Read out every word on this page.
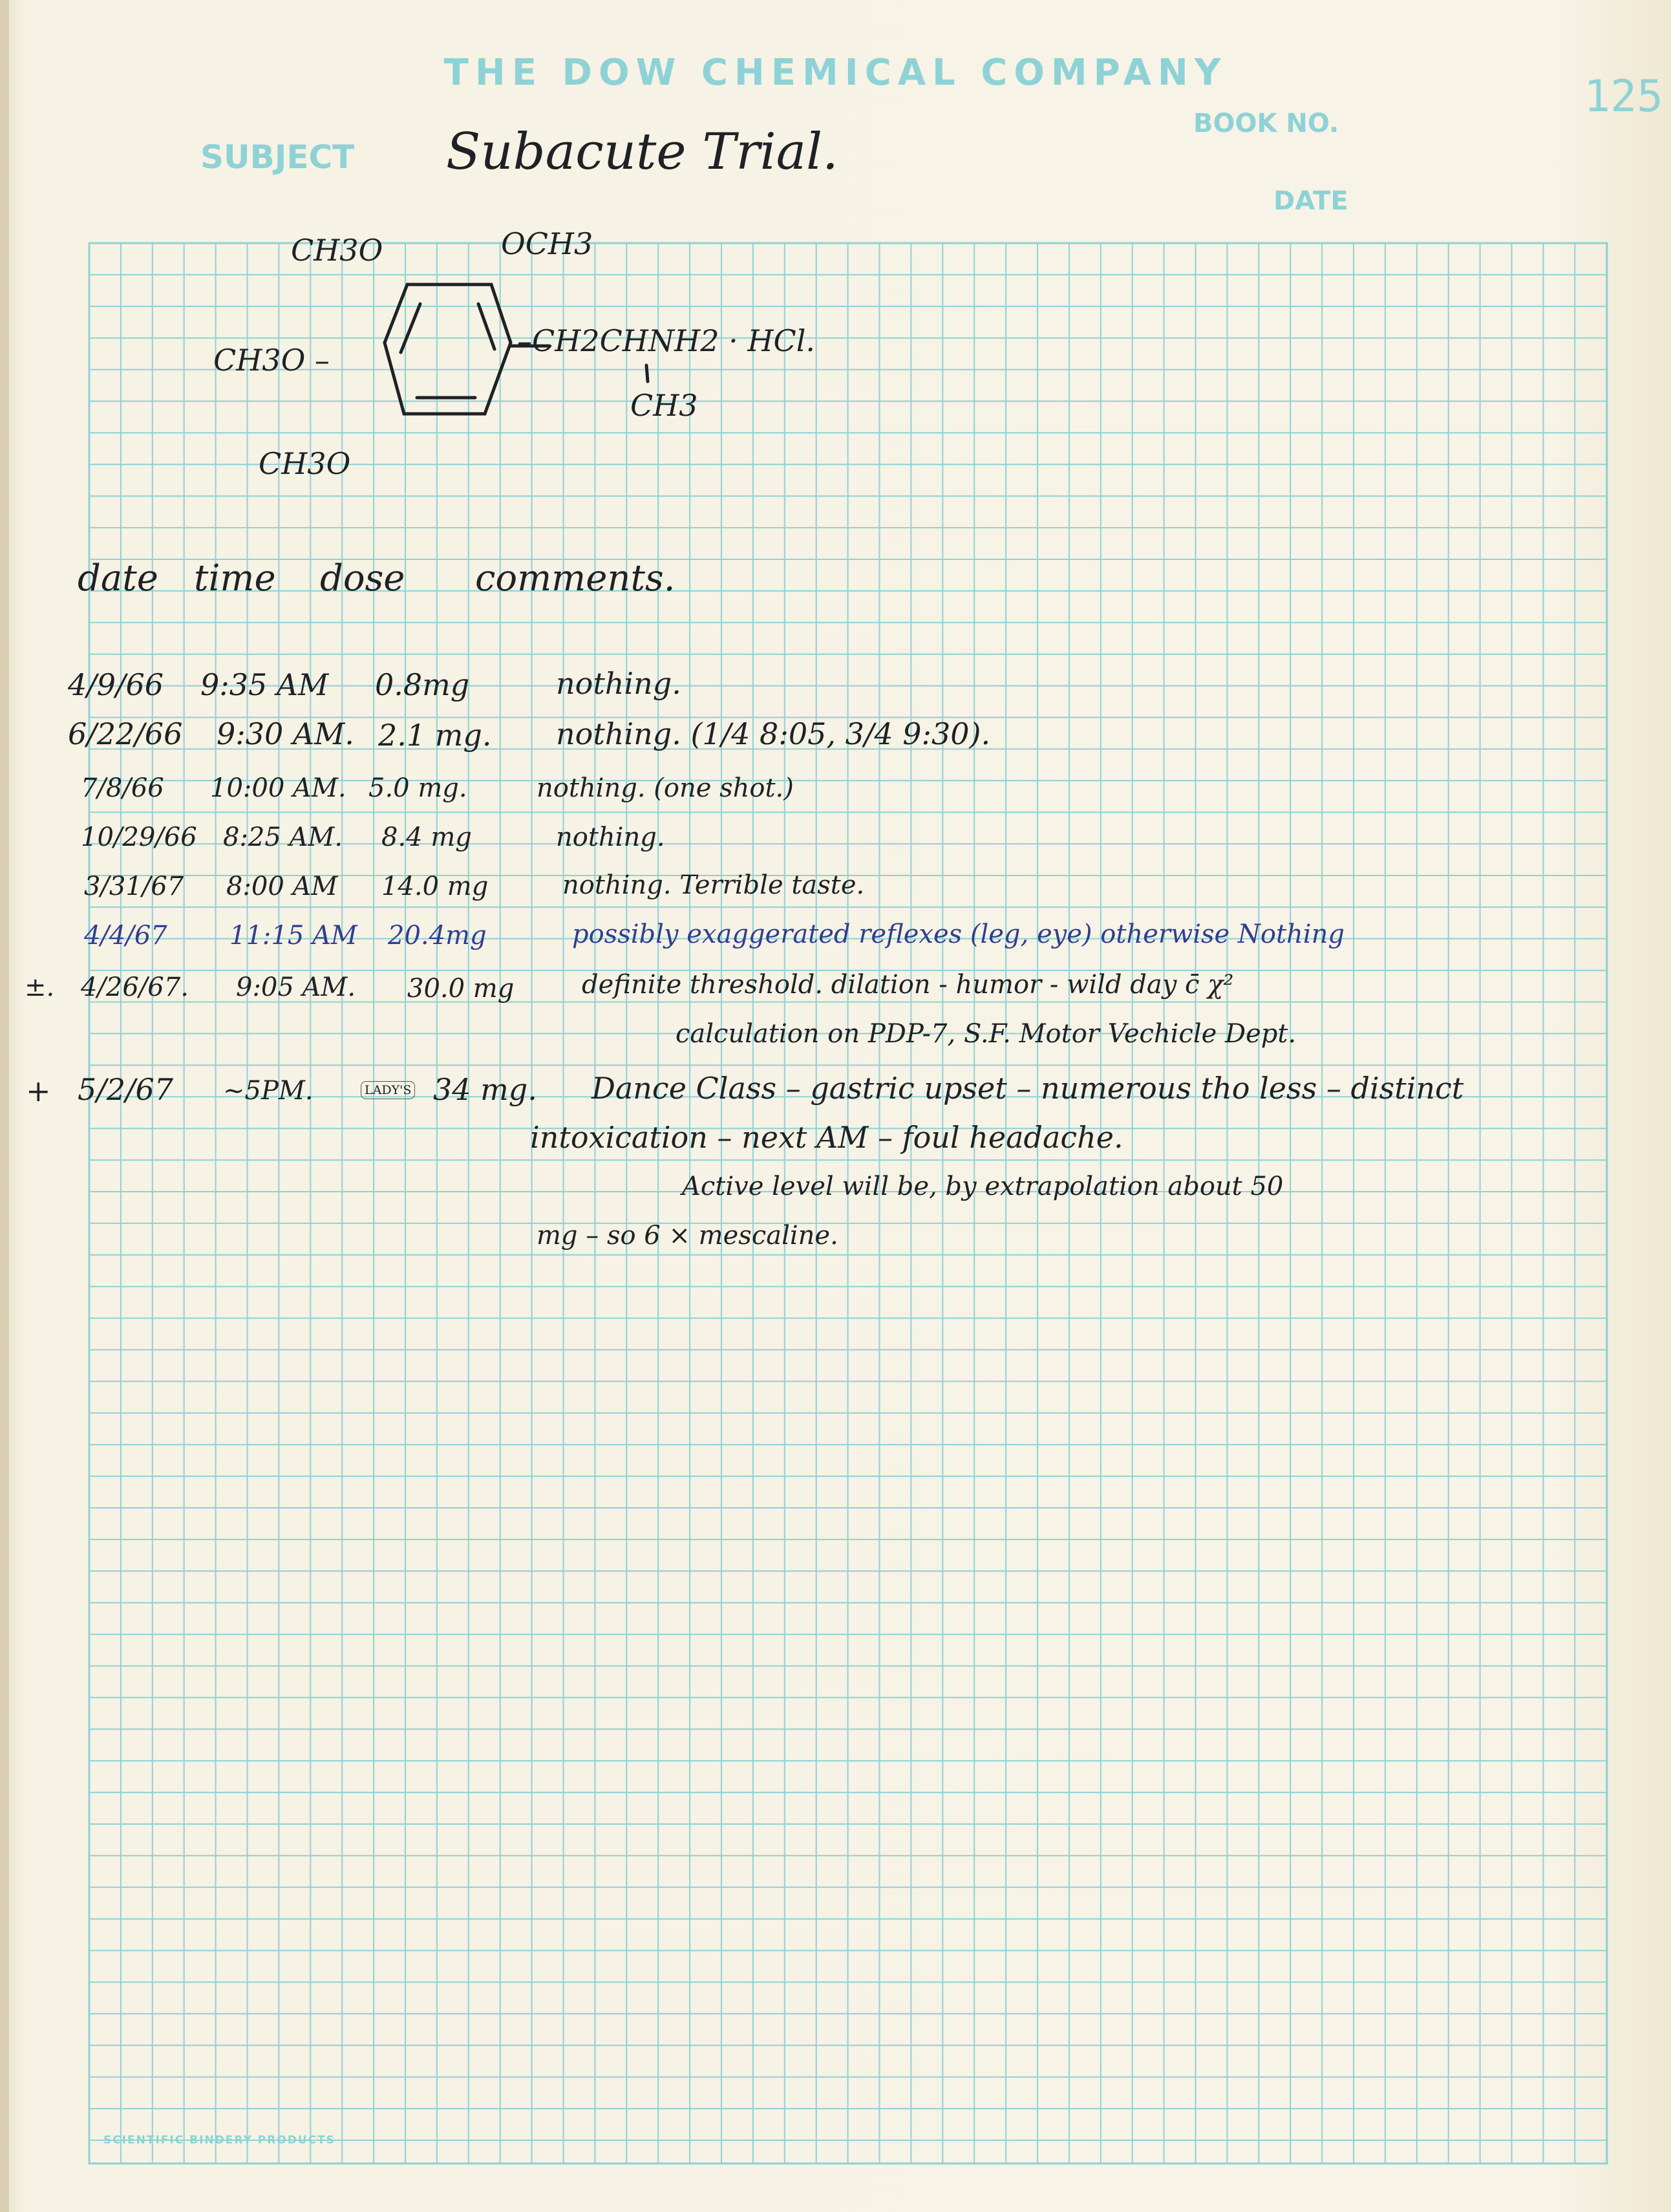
THE DOW CHEMICAL COMPANY
BOOK NO.
SUBJECT
DATE
125
Subacute Trial.
CH3O	OCH3
CH3O –
–CH2CHNH2 · HCl.
CH3
CH3O
date time dose comments.
4/9/66 9:35 AM 0.8mg	nothing.
6/22/66 9:30 AM. 2.1 mg. nothing. (1/4 8:05, 3/4 9:30).
7/8/66 10:00 AM. 5.0 mg.	nothing. (one shot.)
10/29/66 8:25 AM. 8.4 mg	nothing.
3/31/67 8:00 AM 14.0 mg	nothing. Terrible taste.
4/4/67 11:15 AM 20.4mg	possibly exaggerated reflexes (leg, eye) otherwise Nothing
±. 4/26/67. 9:05 AM. 30.0 mg	definite threshold. dilation - humor - wild day c̄ χ²
calculation on PDP-7, S.F. Motor Vechicle Dept.
+ 5/2/67 ~5PM.	LADY'S 34 mg. Dance Class – gastric upset – numerous tho less – distinct
intoxication – next AM – foul headache.
Active level will be, by extrapolation about 50
mg – so 6 × mescaline.
SCIENTIFIC BINDERY PRODUCTS
